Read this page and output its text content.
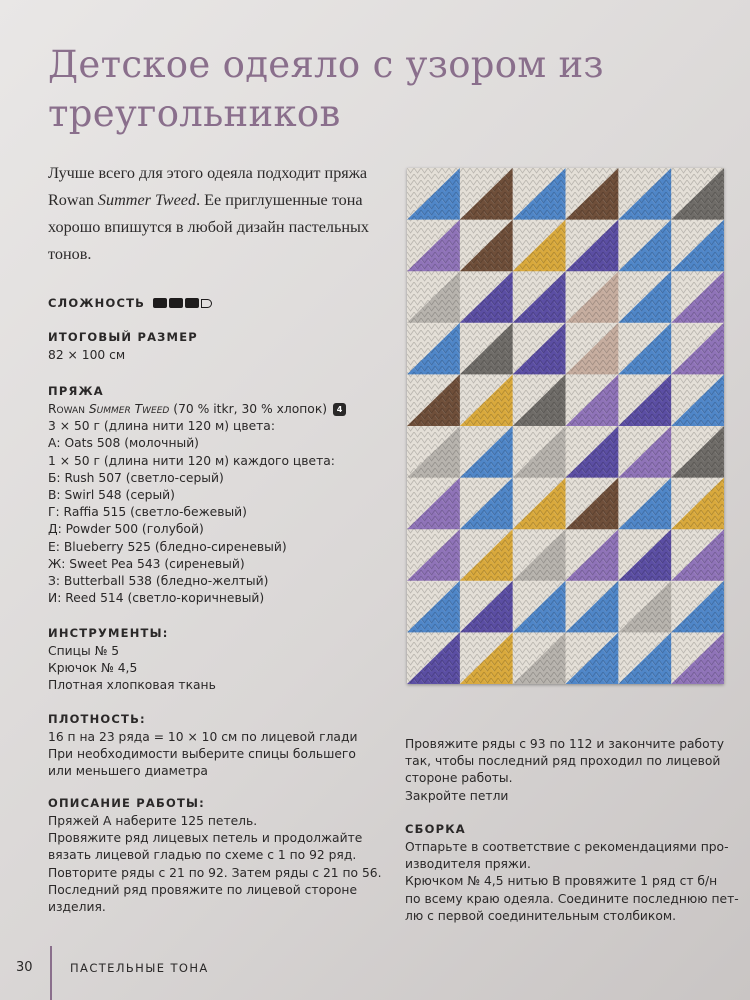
Детское одеяло с узором из треугольников

Лучше всего для этого одеяла подходит пряжа Rowan Summer Tweed. Ее приглушенные тона хорошо впишутся в любой дизайн пастельных тонов.

СЛОЖНОСТЬ

ИТОГОВЫЙ РАЗМЕР

82 × 100 см

ПРЯЖА

Rowan Summer Tweed (70 % itkr, 30 % хлопок) 4

3 × 50 г (длина нити 120 м) цвета:

А: Oats 508 (молочный)

1 × 50 г (длина нити 120 м) каждого цвета:

Б: Rush 507 (светло-серый)

В: Swirl 548 (серый)

Г: Raffia 515 (светло-бежевый)

Д: Powder 500 (голубой)

Е: Blueberry 525 (бледно-сиреневый)

Ж: Sweet Pea 543 (сиреневый)

З: Butterball 538 (бледно-желтый)

И: Reed 514 (светло-коричневый)

ИНСТРУМЕНТЫ:

Спицы № 5

Крючок № 4,5

Плотная хлопковая ткань

ПЛОТНОСТЬ:

16 п на 23 ряда = 10 × 10 см по лицевой глади

При необходимости выберите спицы большего

или меньшего диаметра

ОПИСАНИЕ РАБОТЫ:

Пряжей А наберите 125 петель.

Провяжите ряд лицевых петель и продолжайте

вязать лицевой гладью по схеме с 1 по 92 ряд.

Повторите ряды с 21 по 92. Затем ряды с 21 по 56.

Последний ряд провяжите по лицевой стороне

изделия.

Провяжите ряды с 93 по 112 и закончите работу

так, чтобы последний ряд проходил по лицевой

стороне работы.

Закройте петли

СБОРКА

Отпарьте в соответствие с рекомендациями про-

изводителя пряжи.

Крючком № 4,5 нитью В провяжите 1 ряд ст б/н

по всему краю одеяла. Соедините последнюю пет-

лю с первой соединительным столбиком.

30	ПАСТЕЛЬНЫЕ ТОНА
